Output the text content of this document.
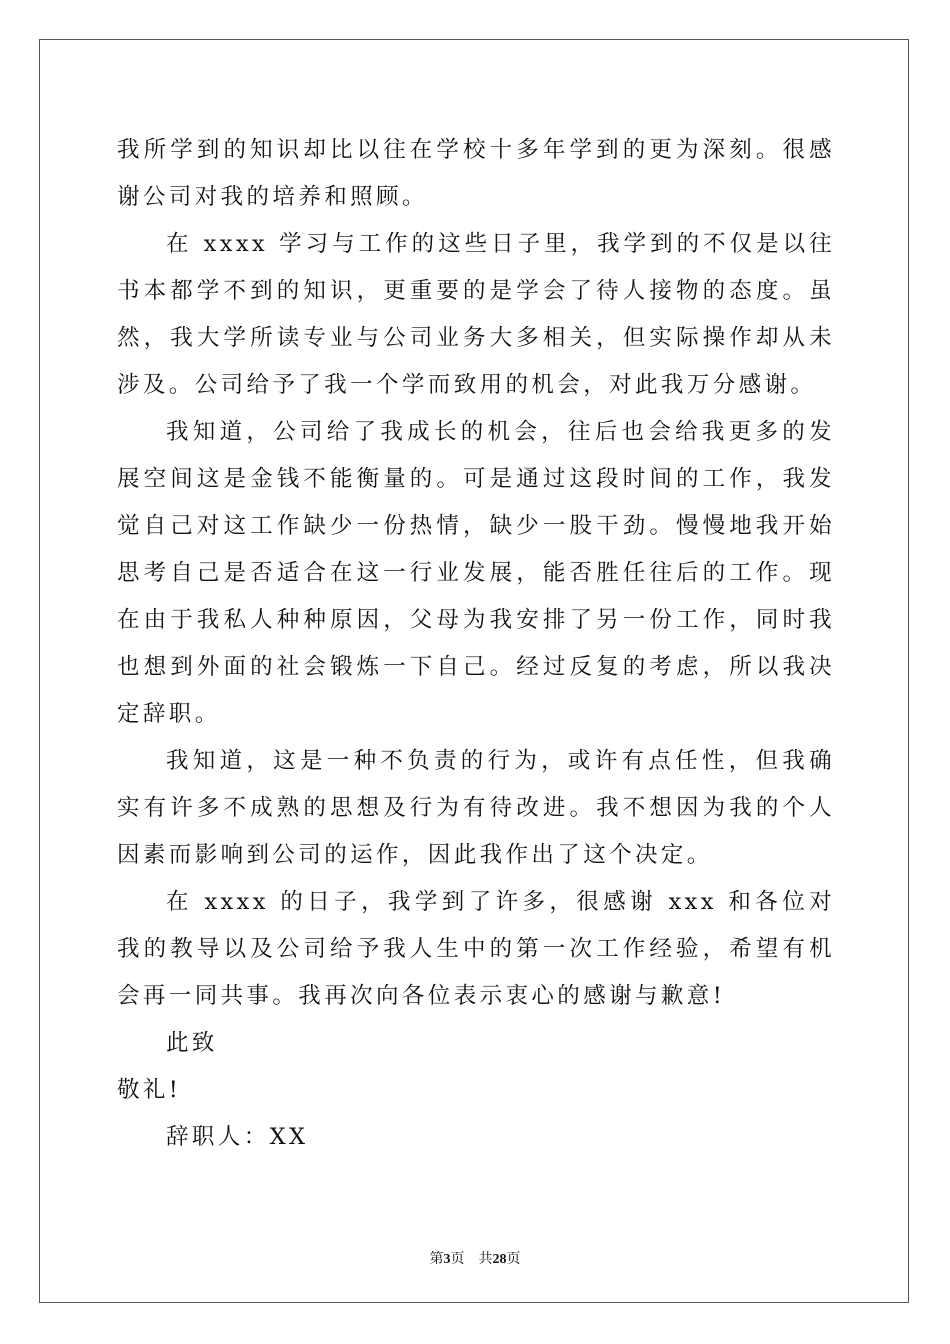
我所学到的知识却比以往在学校十多年学到的更为深刻。很感谢公司对我的培养和照顾。

在 xxxx 学习与工作的这些日子里，我学到的不仅是以往书本都学不到的知识，更重要的是学会了待人接物的态度。虽然，我大学所读专业与公司业务大多相关，但实际操作却从未涉及。公司给予了我一个学而致用的机会，对此我万分感谢。

我知道，公司给了我成长的机会，往后也会给我更多的发展空间这是金钱不能衡量的。可是通过这段时间的工作，我发觉自己对这工作缺少一份热情，缺少一股干劲。慢慢地我开始思考自己是否适合在这一行业发展，能否胜任往后的工作。现在由于我私人种种原因，父母为我安排了另一份工作，同时我也想到外面的社会锻炼一下自己。经过反复的考虑，所以我决定辞职。

我知道，这是一种不负责的行为，或许有点任性，但我确实有许多不成熟的思想及行为有待改进。我不想因为我的个人因素而影响到公司的运作，因此我作出了这个决定。

在 xxxx 的日子，我学到了许多，很感谢 xxx 和各位对我的教导以及公司给予我人生中的第一次工作经验，希望有机会再一同共事。我再次向各位表示衷心的感谢与歉意!

此致

敬礼!

辞职人：XX

第3页 共28页
